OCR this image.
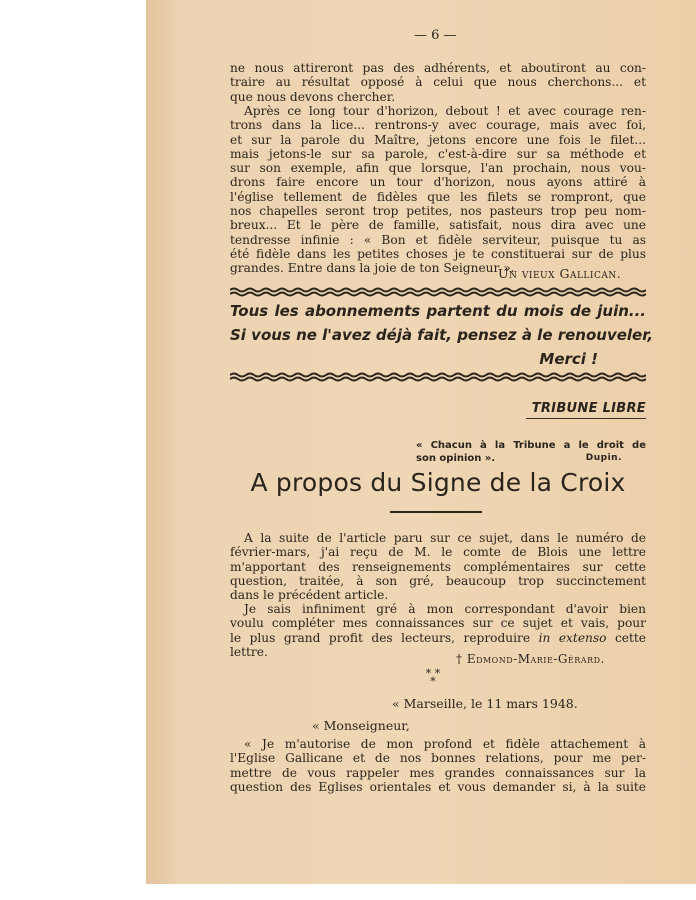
— 6 —

ne nous attireront pas des adhérents, et aboutiront au con-
traire au résultat opposé à celui que nous cherchons... et
que nous devons chercher.

Après ce long tour d'horizon, debout ! et avec courage ren-
trons dans la lice... rentrons-y avec courage, mais avec foi,
et sur la parole du Maître, jetons encore une fois le filet...
mais jetons-le sur sa parole, c'est-à-dire sur sa méthode et
sur son exemple, afin que lorsque, l'an prochain, nous vou-
drons faire encore un tour d'horizon, nous ayons attiré à
l'église tellement de fidèles que les filets se rompront, que
nos chapelles seront trop petites, nos pasteurs trop peu nom-
breux... Et le père de famille, satisfait, nous dira avec une
tendresse infinie : « Bon et fidèle serviteur, puisque tu as
été fidèle dans les petites choses je te constituerai sur de plus
grandes. Entre dans la joie de ton Seigneur ».

Un vieux Gallican.
Tous les abonnements partent du mois de juin...
Si vous ne l'avez déjà fait, pensez à le renouveler,
Merci !
TRIBUNE LIBRE
« Chacun à la Tribune a le droit de
son opinion ».	Dupin.
A propos du Signe de la Croix

A la suite de l'article paru sur ce sujet, dans le numéro de
février-mars, j'ai reçu de M. le comte de Blois une lettre
m'apportant des renseignements complémentaires sur cette
question, traitée, à son gré, beaucoup trop succinctement
dans le précédent article.

Je sais infiniment gré à mon correspondant d'avoir bien
voulu compléter mes connaissances sur ce sujet et vais, pour
le plus grand profit des lecteurs, reproduire in extenso cette
lettre.

† Edmond-Marie-Gérard.
* * *
« Marseille, le 11 mars 1948.
« Monseigneur,

« Je m'autorise de mon profond et fidèle attachement à
l'Eglise Gallicane et de nos bonnes relations, pour me per-
mettre de vous rappeler mes grandes connaissances sur la
question des Eglises orientales et vous demander si, à la suite
